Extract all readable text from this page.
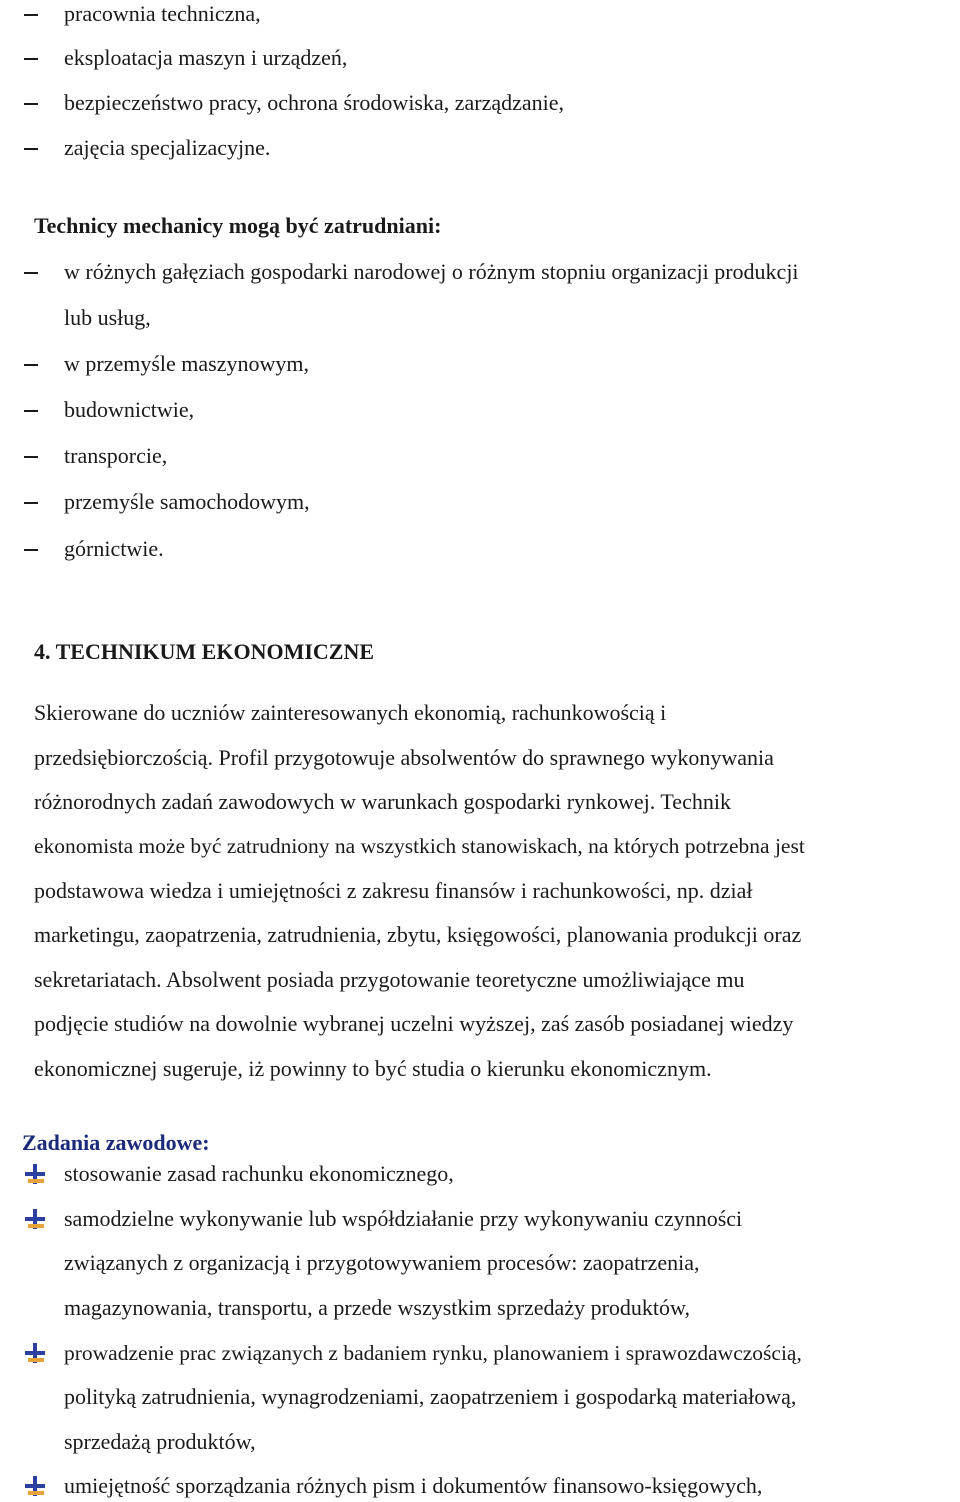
pracownia techniczna,
eksploatacja maszyn i urządzeń,
bezpieczeństwo pracy, ochrona środowiska, zarządzanie,
zajęcia specjalizacyjne.
Technicy mechanicy mogą być zatrudniani:
w różnych gałęziach gospodarki narodowej o różnym stopniu organizacji produkcji
lub usług,
w przemyśle maszynowym,
budownictwie,
transporcie,
przemyśle samochodowym,
górnictwie.
4. TECHNIKUM EKONOMICZNE
Skierowane do uczniów zainteresowanych ekonomią, rachunkowością i
przedsiębiorczością. Profil przygotowuje absolwentów do sprawnego wykonywania
różnorodnych zadań zawodowych w warunkach gospodarki rynkowej. Technik
ekonomista może być zatrudniony na wszystkich stanowiskach, na których potrzebna jest
podstawowa wiedza i umiejętności z zakresu finansów i rachunkowości, np. dział
marketingu, zaopatrzenia, zatrudnienia, zbytu, księgowości, planowania produkcji oraz
sekretariatach. Absolwent posiada przygotowanie teoretyczne umożliwiające mu
podjęcie studiów na dowolnie wybranej uczelni wyższej, zaś zasób posiadanej wiedzy
ekonomicznej sugeruje, iż powinny to być studia o kierunku ekonomicznym.
Zadania zawodowe:
stosowanie zasad rachunku ekonomicznego,
samodzielne wykonywanie lub współdziałanie przy wykonywaniu czynności
związanych z organizacją i przygotowywaniem procesów: zaopatrzenia,
magazynowania, transportu, a przede wszystkim sprzedaży produktów,
prowadzenie prac związanych z badaniem rynku, planowaniem i sprawozdawczością,
polityką zatrudnienia, wynagrodzeniami, zaopatrzeniem i gospodarką materiałową,
sprzedażą produktów,
umiejętność sporządzania różnych pism i dokumentów finansowo-księgowych,
